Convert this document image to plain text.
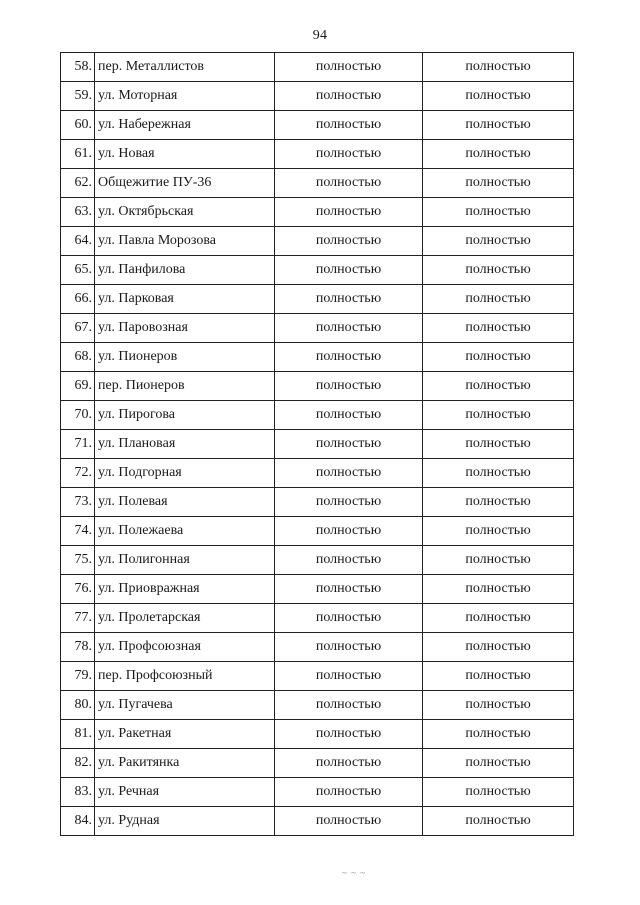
94
58.	пер. Металлистов	полностью	полностью
59.	ул. Моторная	полностью	полностью
60.	ул. Набережная	полностью	полностью
61.	ул. Новая	полностью	полностью
62.	Общежитие ПУ-36	полностью	полностью
63.	ул. Октябрьская	полностью	полностью
64.	ул. Павла Морозова	полностью	полностью
65.	ул. Панфилова	полностью	полностью
66.	ул. Парковая	полностью	полностью
67.	ул. Паровозная	полностью	полностью
68.	ул. Пионеров	полностью	полностью
69.	пер. Пионеров	полностью	полностью
70.	ул. Пирогова	полностью	полностью
71.	ул. Плановая	полностью	полностью
72.	ул. Подгорная	полностью	полностью
73.	ул. Полевая	полностью	полностью
74.	ул. Полежаева	полностью	полностью
75.	ул. Полигонная	полностью	полностью
76.	ул. Приовражная	полностью	полностью
77.	ул. Пролетарская	полностью	полностью
78.	ул. Профсоюзная	полностью	полностью
79.	пер. Профсоюзный	полностью	полностью
80.	ул. Пугачева	полностью	полностью
81.	ул. Ракетная	полностью	полностью
82.	ул. Ракитянка	полностью	полностью
83.	ул. Речная	полностью	полностью
84.	ул. Рудная	полностью	полностью
~ ~ ~
